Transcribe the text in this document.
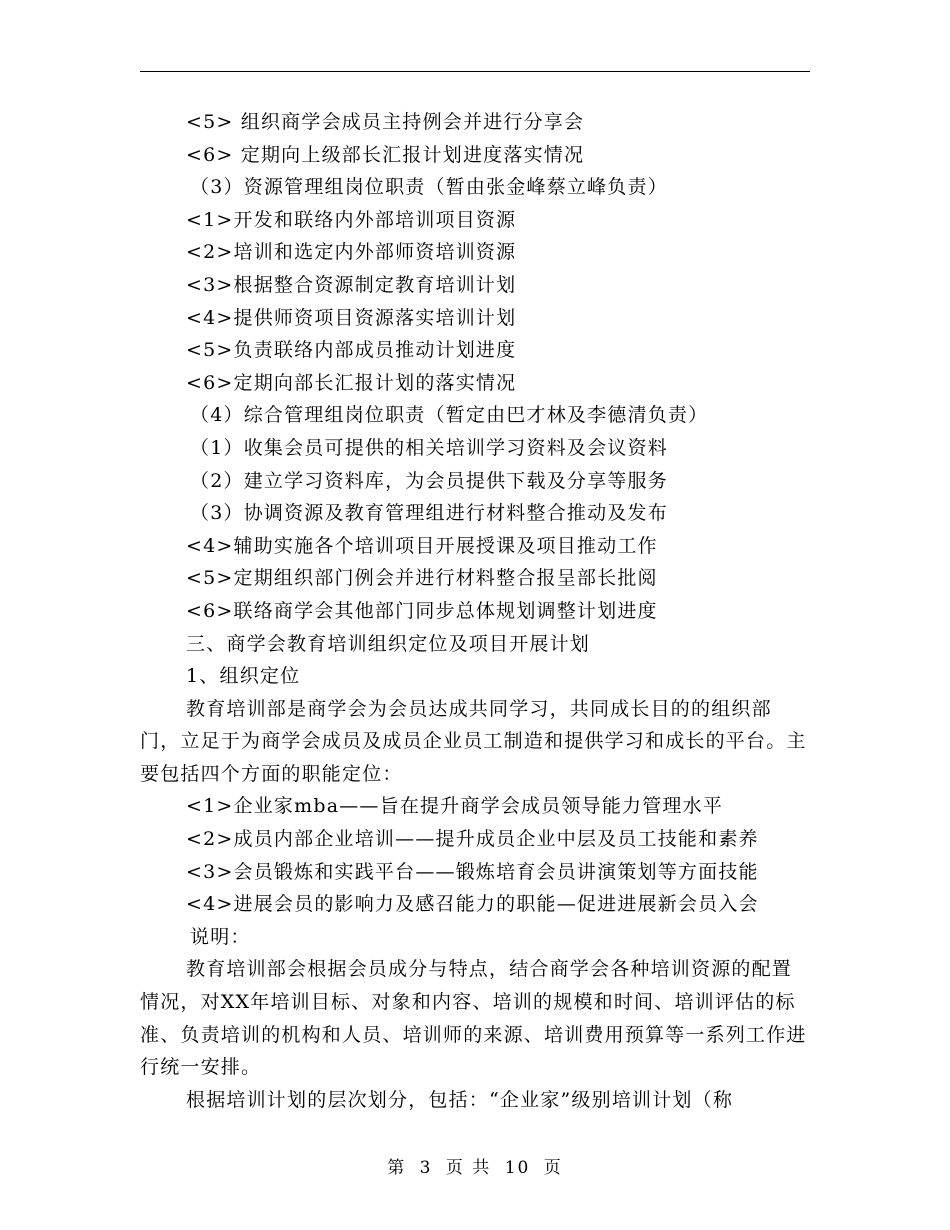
<5> 组织商学会成员主持例会并进行分享会

<6> 定期向上级部长汇报计划进度落实情况

（3）资源管理组岗位职责（暂由张金峰蔡立峰负责）

<1>开发和联络内外部培训项目资源

<2>培训和选定内外部师资培训资源

<3>根据整合资源制定教育培训计划

<4>提供师资项目资源落实培训计划

<5>负责联络内部成员推动计划进度

<6>定期向部长汇报计划的落实情况

（4）综合管理组岗位职责（暂定由巴才林及李德清负责）

（1）收集会员可提供的相关培训学习资料及会议资料

（2）建立学习资料库，为会员提供下载及分享等服务

（3）协调资源及教育管理组进行材料整合推动及发布

<4>辅助实施各个培训项目开展授课及项目推动工作

<5>定期组织部门例会并进行材料整合报呈部长批阅

<6>联络商学会其他部门同步总体规划调整计划进度

三、商学会教育培训组织定位及项目开展计划

1、组织定位

教育培训部是商学会为会员达成共同学习，共同成长目的的组织部门，立足于为商学会成员及成员企业员工制造和提供学习和成长的平台。主要包括四个方面的职能定位：

<1>企业家mba——旨在提升商学会成员领导能力管理水平

<2>成员内部企业培训——提升成员企业中层及员工技能和素养

<3>会员锻炼和实践平台——锻炼培育会员讲演策划等方面技能

<4>进展会员的影响力及感召能力的职能—促进进展新会员入会

说明：

教育培训部会根据会员成分与特点，结合商学会各种培训资源的配置情况，对XX年培训目标、对象和内容、培训的规模和时间、培训评估的标准、负责培训的机构和人员、培训师的来源、培训费用预算等一系列工作进行统一安排。

根据培训计划的层次划分，包括：“企业家”级别培训计划（称

第 3 页 共 10 页
